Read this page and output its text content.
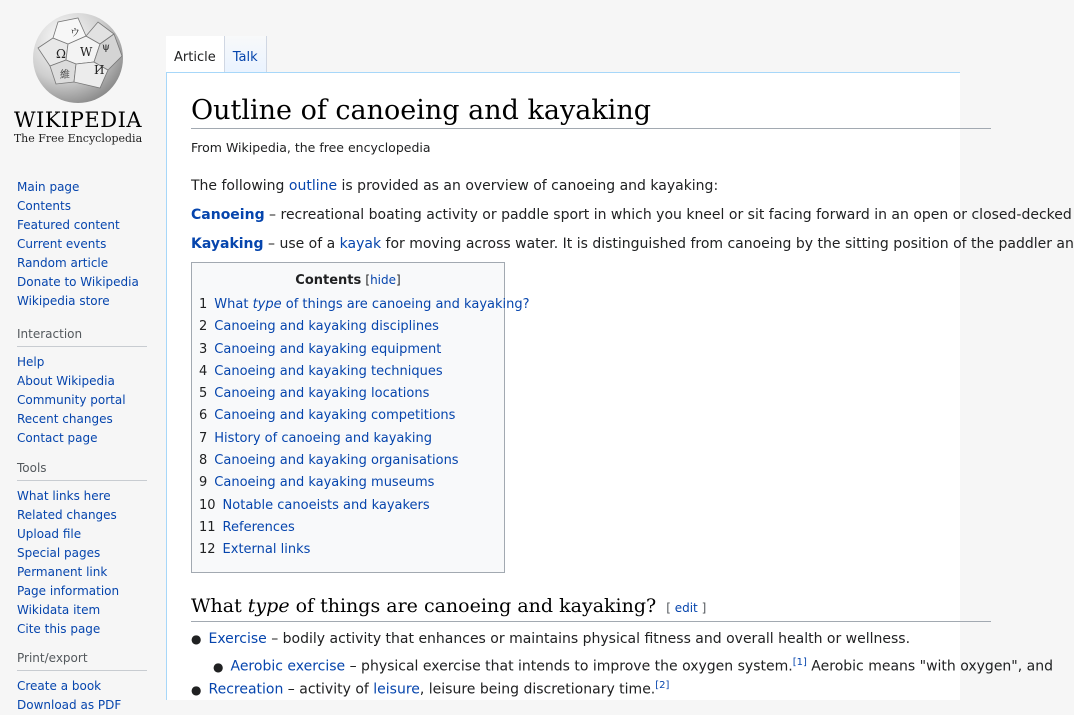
Ω W
И
維
ウ
ψ
WIKIPEDIA
The Free Encyclopedia
Main page
Contents
Featured content
Current events
Random article
Donate to Wikipedia
Wikipedia store
Interaction
Help
About Wikipedia
Community portal
Recent changes
Contact page
Tools
What links here
Related changes
Upload file
Special pages
Permanent link
Page information
Wikidata item
Cite this page
Print/export
Create a book
Download as PDF
Article	Talk
Outline of canoeing and kayaking
From Wikipedia, the free encyclopedia
The following outline is provided as an overview of canoeing and kayaking:
Canoeing – recreational boating activity or paddle sport in which you kneel or sit facing forward in an open or closed-decked
Kayaking – use of a kayak for moving across water. It is distinguished from canoeing by the sitting position of the paddler an
Contents [hide]
1 What type of things are canoeing and kayaking?
2 Canoeing and kayaking disciplines
3 Canoeing and kayaking equipment
4 Canoeing and kayaking techniques
5 Canoeing and kayaking locations
6 Canoeing and kayaking competitions
7 History of canoeing and kayaking
8 Canoeing and kayaking organisations
9 Canoeing and kayaking museums
10 Notable canoeists and kayakers
11 References
12 External links
What type of things are canoeing and kayaking? [ edit ]
● Exercise – bodily activity that enhances or maintains physical fitness and overall health or wellness.
● Aerobic exercise – physical exercise that intends to improve the oxygen system.[1] Aerobic means "with oxygen", and
● Recreation – activity of leisure, leisure being discretionary time.[2]
